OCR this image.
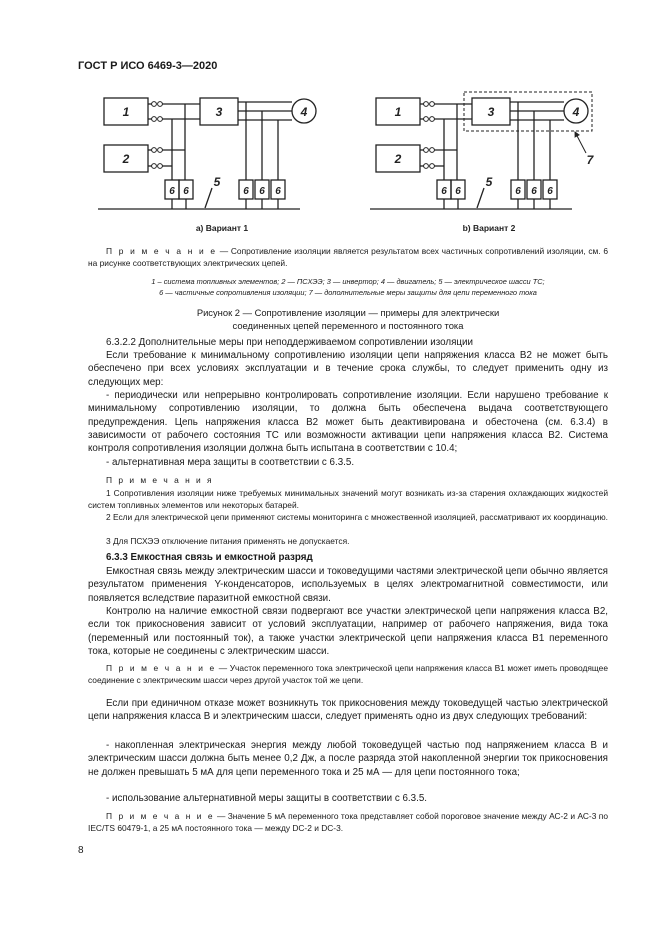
ГОСТ Р ИСО 6469-3—2020
1
2
3	4
5
1
2
3	4
5
7
6 6	6 6 6	6 6	6 6 6
a) Вариант 1	b) Вариант 2

П р и м е ч а н и е — Сопротивление изоляции является результатом всех частичных сопротивлений изоляции, см. 6 на рисунке соответствующих электрических цепей.

1 – система топливных элементов; 2 — ПСХЭЭ; 3 — инвертор; 4 — двигатель; 5 — электрическое шасси ТС;
6 — частичные сопротивления изоляции; 7 — дополнительные меры защиты для цепи переменного тока
Рисунок 2 — Сопротивление изоляции — примеры для электрически
соединенных цепей переменного и постоянного тока

6.3.2.2 Дополнительные меры при неподдерживаемом сопротивлении изоляции

Если требование к минимальному сопротивлению изоляции цепи напряжения класса В2 не может быть обеспечено при всех условиях эксплуатации и в течение срока службы, то следует применить одну из следующих мер:

- периодически или непрерывно контролировать сопротивление изоляции. Если нарушено требование к минимальному сопротивлению изоляции, то должна быть обеспечена выдача соответствующего предупреждения. Цепь напряжения класса В2 может быть деактивирована и обесточена (см. 6.3.4) в зависимости от рабочего состояния ТС или возможности активации цепи напряжения класса В2. Система контроля сопротивления изоляции должна быть испытана в соответствии с 10.4;

- альтернативная мера защиты в соответствии с 6.3.5.

П р и м е ч а н и я

1 Сопротивления изоляции ниже требуемых минимальных значений могут возникать из-за старения охлаждающих жидкостей систем топливных элементов или некоторых батарей.

2 Если для электрической цепи применяют системы мониторинга с множественной изоляцией, рассматривают их координацию.

3 Для ПСХЭЭ отключение питания применять не допускается.

6.3.3 Емкостная связь и емкостной разряд

Емкостная связь между электрическим шасси и токоведущими частями электрической цепи обычно является результатом применения Y-конденсаторов, используемых в целях электромагнитной совместимости, или появляется вследствие паразитной емкостной связи.

Контролю на наличие емкостной связи подвергают все участки электрической цепи напряжения класса В2, если ток прикосновения зависит от условий эксплуатации, например от рабочего напряжения, вида тока (переменный или постоянный ток), а также участки электрической цепи напряжения класса В1 переменного тока, которые не соединены с электрическим шасси.

П р и м е ч а н и е — Участок переменного тока электрической цепи напряжения класса В1 может иметь проводящее соединение с электрическим шасси через другой участок той же цепи.

Если при единичном отказе может возникнуть ток прикосновения между токоведущей частью электрической цепи напряжения класса В и электрическим шасси, следует применять одно из двух следующих требований:

- накопленная электрическая энергия между любой токоведущей частью под напряжением класса В и электрическим шасси должна быть менее 0,2 Дж, а после разряда этой накопленной энергии ток прикосновения не должен превышать 5 мА для цепи переменного тока и 25 мА — для цепи постоянного тока;

- использование альтернативной меры защиты в соответствии с 6.3.5.

П р и м е ч а н и е — Значение 5 мА переменного тока представляет собой пороговое значение между АС-2 и АС-3 по IEC/TS 60479-1, а 25 мА постоянного тока — между DC-2 и DC-3.

8
